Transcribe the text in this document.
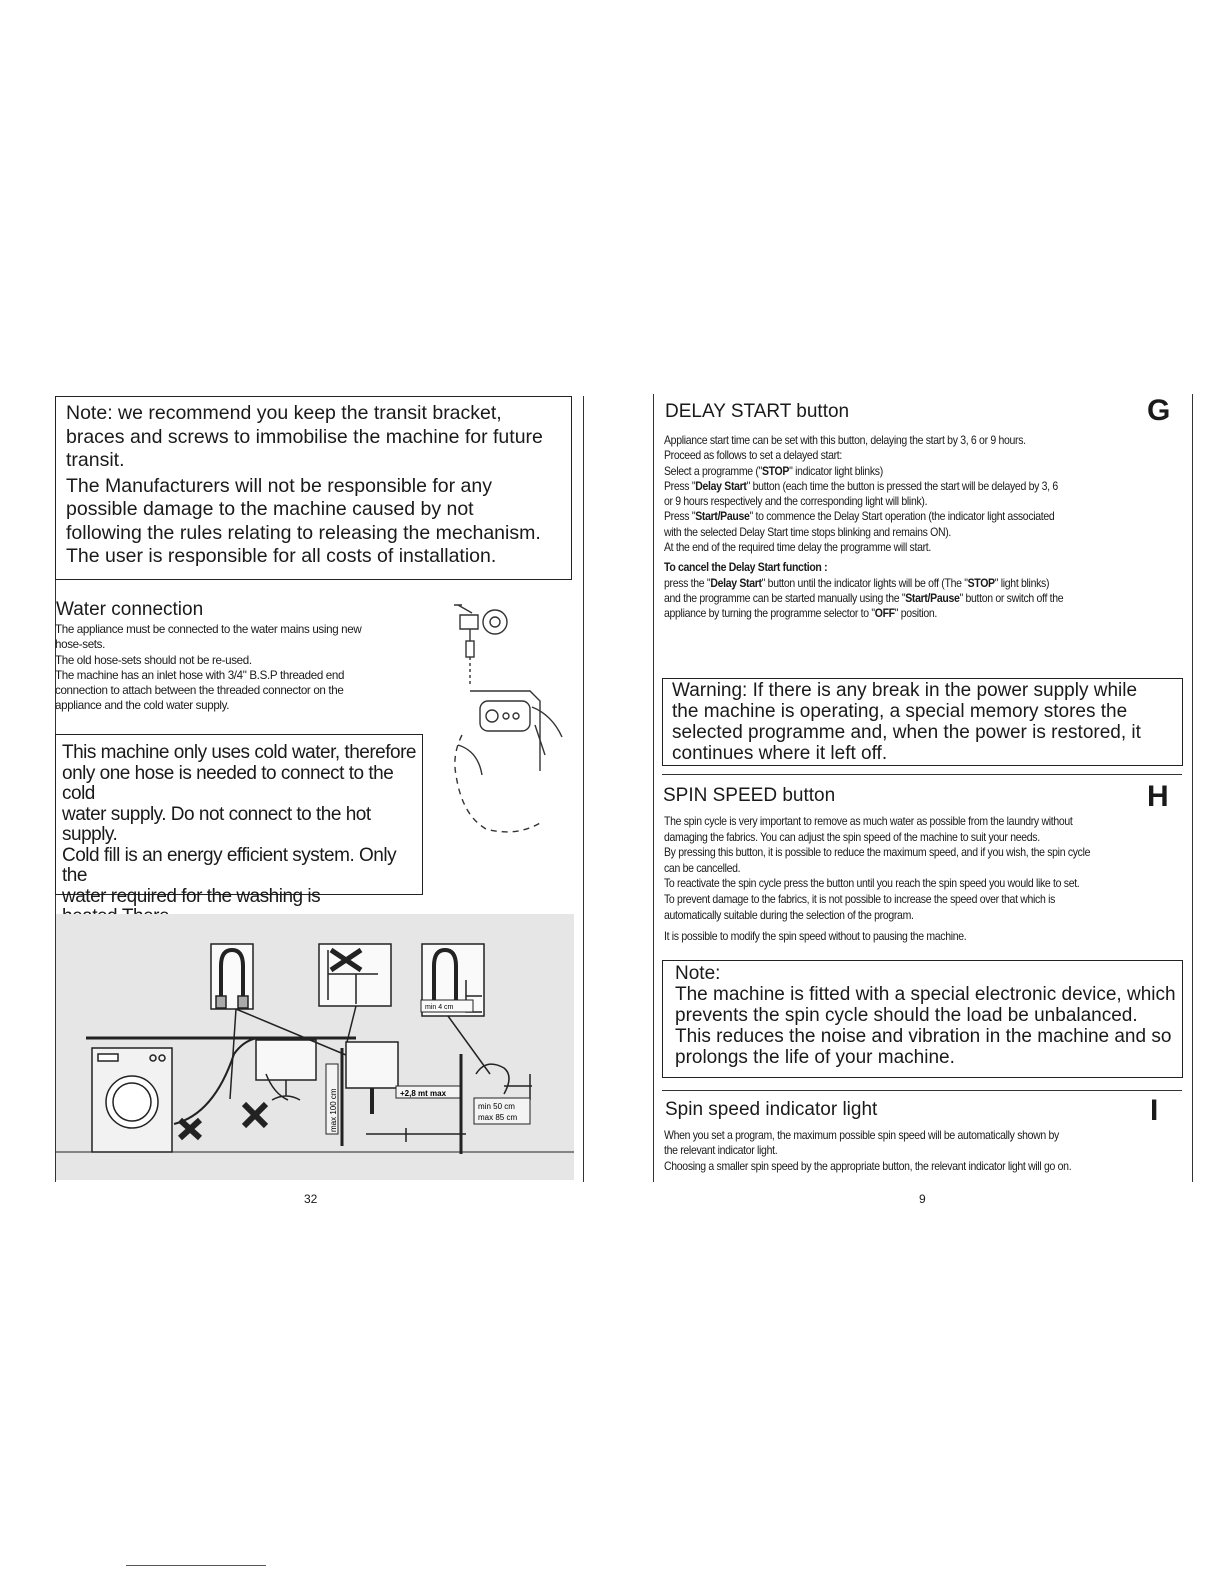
Note: we recommend you keep the transit bracket,
braces and screws to immobilise the machine for future
transit.
The Manufacturers will not be responsible for any
possible damage to the machine caused by not
following the rules relating to releasing the mechanism.
The user is responsible for all costs of installation.
Water connection

The appliance must be connected to the water mains using new

hose-sets.

The old hose-sets should not be re-used.

The machine has an inlet hose with 3/4" B.S.P threaded end

connection to attach between the threaded connector on the

appliance and the cold water supply.

This machine only uses cold water, therefore
only one hose is needed to connect to the cold
water supply. Do not connect to the hot supply.
Cold fill is an energy efficient system. Only the
water required for the washing is
min 4 cm
max 100 cm	+2,8 mt max
min 50 cm
max 85 cm
32
DELAY START button	G

Appliance start time can be set with this button, delaying the start by 3, 6 or 9 hours.

Proceed as follows to set a delayed start:

Select a programme ("STOP" indicator light blinks)

Press "Delay Start" button (each time the button is pressed the start will be delayed by 3, 6

or 9 hours respectively and the corresponding light will blink).

Press "Start/Pause" to commence the Delay Start operation (the indicator light associated

with the selected Delay Start time stops blinking and remains ON).

At the end of the required time delay the programme will start.

To cancel the Delay Start function :

press the "Delay Start" button until the indicator lights will be off (The "STOP" light blinks)

and the programme can be started manually using the "Start/Pause" button or switch off the

appliance by turning the programme selector to "OFF" position.

Warning: If there is any break in the power supply while
the machine is operating, a special memory stores the
selected programme and, when the power is restored, it
continues where it left off.
SPIN SPEED button	H

The spin cycle is very important to remove as much water as possible from the laundry without

damaging the fabrics. You can adjust the spin speed of the machine to suit your needs.

By pressing this button, it is possible to reduce the maximum speed, and if you wish, the spin cycle

can be cancelled.

To reactivate the spin cycle press the button until you reach the spin speed you would like to set.

To prevent damage to the fabrics, it is not possible to increase the speed over that which is

automatically suitable during the selection of the program.

It is possible to modify the spin speed without to pausing the machine.

Note:
The machine is fitted with a special electronic device, which
prevents the spin cycle should the load be unbalanced.
This reduces the noise and vibration in the machine and so
prolongs the life of your machine.
Spin speed indicator light	I

When you set a program, the maximum possible spin speed will be automatically shown by

the relevant indicator light.

Choosing a smaller spin speed by the appropriate button, the relevant indicator light will go on.

9
